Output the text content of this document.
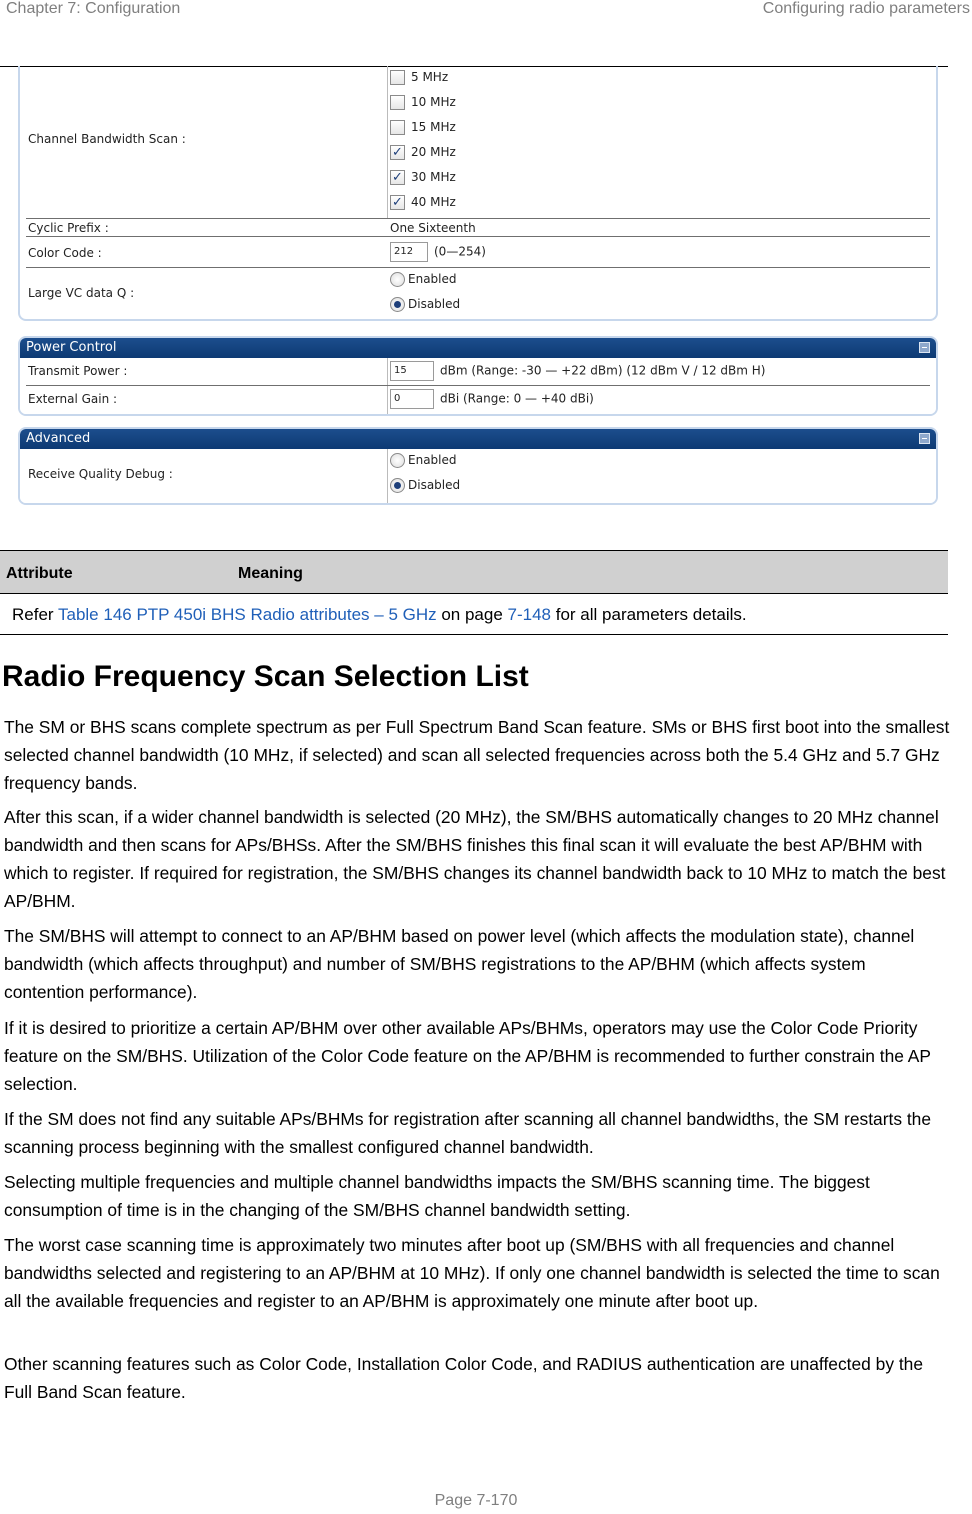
Chapter 7: Configuration	Configuring radio parameters
Channel Bandwidth Scan :
5 MHz
10 MHz
15 MHz
✓ 20 MHz
✓ 30 MHz
✓ 40 MHz
Cyclic Prefix :	One Sixteenth
Color Code :	212 (0—254)
Large VC data Q :
Enabled
Disabled
Power Control
Transmit Power :	15	dBm (Range: -30 — +22 dBm) (12 dBm V / 12 dBm H)
External Gain :	0	dBi (Range: 0 — +40 dBi)
Advanced
Receive Quality Debug :
Enabled
Disabled
Attribute	Meaning
Refer Table 146 PTP 450i BHS Radio attributes – 5 GHz on page 7-148 for all parameters details.
Radio Frequency Scan Selection List

The SM or BHS scans complete spectrum as per Full Spectrum Band Scan feature. SMs or BHS first boot into the smallest selected channel bandwidth (10 MHz, if selected) and scan all selected frequencies across both the 5.4 GHz and 5.7 GHz frequency bands.

After this scan, if a wider channel bandwidth is selected (20 MHz), the SM/BHS automatically changes to 20 MHz channel bandwidth and then scans for APs/BHSs. After the SM/BHS finishes this final scan it will evaluate the best AP/BHM with which to register. If required for registration, the SM/BHS changes its channel bandwidth back to 10 MHz to match the best AP/BHM.

The SM/BHS will attempt to connect to an AP/BHM based on power level (which affects the modulation state), channel bandwidth (which affects throughput) and number of SM/BHS registrations to the AP/BHM (which affects system contention performance).

If it is desired to prioritize a certain AP/BHM over other available APs/BHMs, operators may use the Color Code Priority feature on the SM/BHS. Utilization of the Color Code feature on the AP/BHM is recommended to further constrain the AP selection.

If the SM does not find any suitable APs/BHMs for registration after scanning all channel bandwidths, the SM restarts the scanning process beginning with the smallest configured channel bandwidth.

Selecting multiple frequencies and multiple channel bandwidths impacts the SM/BHS scanning time. The biggest consumption of time is in the changing of the SM/BHS channel bandwidth setting.

The worst case scanning time is approximately two minutes after boot up (SM/BHS with all frequencies and channel bandwidths selected and registering to an AP/BHM at 10 MHz). If only one channel bandwidth is selected the time to scan all the available frequencies and register to an AP/BHM is approximately one minute after boot up.

Other scanning features such as Color Code, Installation Color Code, and RADIUS authentication are unaffected by the Full Band Scan feature.

Page 7-170
